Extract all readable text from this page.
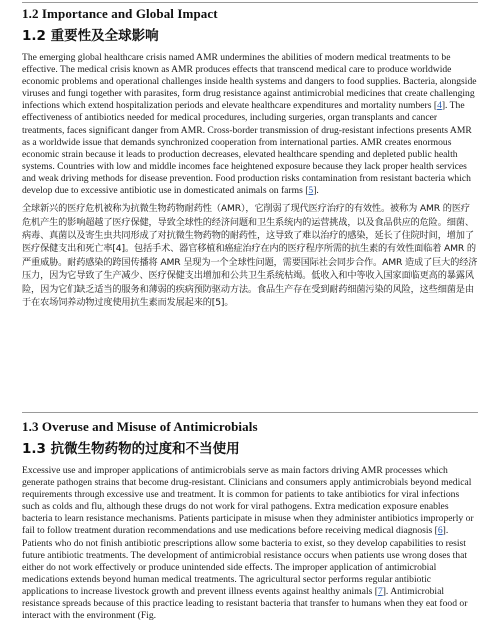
1.2 Importance and Global Impact
1.2 重要性及全球影响

The emerging global healthcare crisis named AMR undermines the abilities of modern medical treatments to be effective. The medical crisis known as AMR produces effects that transcend medical care to produce worldwide economic problems and operational challenges inside health systems and dangers to food supplies. Bacteria, alongside viruses and fungi together with parasites, form drug resistance against antimicrobial medicines that create challenging infections which extend hospitalization periods and elevate healthcare expenditures and mortality numbers [4]. The effectiveness of antibiotics needed for medical procedures, including surgeries, organ transplants and cancer treatments, faces significant danger from AMR. Cross-border transmission of drug-resistant infections presents AMR as a worldwide issue that demands synchronized cooperation from international parties. AMR creates enormous economic strain because it leads to production decreases, elevated healthcare spending and depleted public health systems. Countries with low and middle incomes face heightened exposure because they lack proper health services and weak driving methods for disease prevention. Food production risks contamination from resistant bacteria which develop due to excessive antibiotic use in domesticated animals on farms [5].

全球新兴的医疗危机被称为抗微生物药物耐药性（AMR），它削弱了现代医疗治疗的有效性。被称为 AMR 的医疗危机产生的影响超越了医疗保健，导致全球性的经济问题和卫生系统内的运营挑战，以及食品供应的危险。细菌、病毒、真菌以及寄生虫共同形成了对抗微生物药物的耐药性，这导致了难以治疗的感染，延长了住院时间，增加了医疗保健支出和死亡率[4]。包括手术、器官移植和癌症治疗在内的医疗程序所需的抗生素的有效性面临着 AMR 的严重威胁。耐药感染的跨国传播将 AMR 呈现为一个全球性问题，需要国际社会同步合作。AMR 造成了巨大的经济压力，因为它导致了生产减少、医疗保健支出增加和公共卫生系统枯竭。低收入和中等收入国家面临更高的暴露风险，因为它们缺乏适当的服务和薄弱的疾病预防驱动方法。食品生产存在受到耐药细菌污染的风险，这些细菌是由于在农场饲养动物过度使用抗生素而发展起来的[5]。

1.3 Overuse and Misuse of Antimicrobials
1.3 抗微生物药物的过度和不当使用

Excessive use and improper applications of antimicrobials serve as main factors driving AMR processes which generate pathogen strains that become drug-resistant. Clinicians and consumers apply antimicrobials beyond medical requirements through excessive use and treatment. It is common for patients to take antibiotics for viral infections such as colds and flu, although these drugs do not work for viral pathogens. Extra medication exposure enables bacteria to learn resistance mechanisms. Patients participate in misuse when they administer antibiotics improperly or fail to follow treatment duration recommendations and use medications before receiving medical diagnosis [6]. Patients who do not finish antibiotic prescriptions allow some bacteria to exist, so they develop capabilities to resist future antibiotic treatments. The development of antimicrobial resistance occurs when patients use wrong doses that either do not work effectively or produce unintended side effects. The improper application of antimicrobial medications extends beyond human medical treatments. The agricultural sector performs regular antibiotic applications to increase livestock growth and prevent illness events against healthy animals [7]. Antimicrobial resistance spreads because of this practice leading to resistant bacteria that transfer to humans when they eat food or interact with the environment (Fig.
